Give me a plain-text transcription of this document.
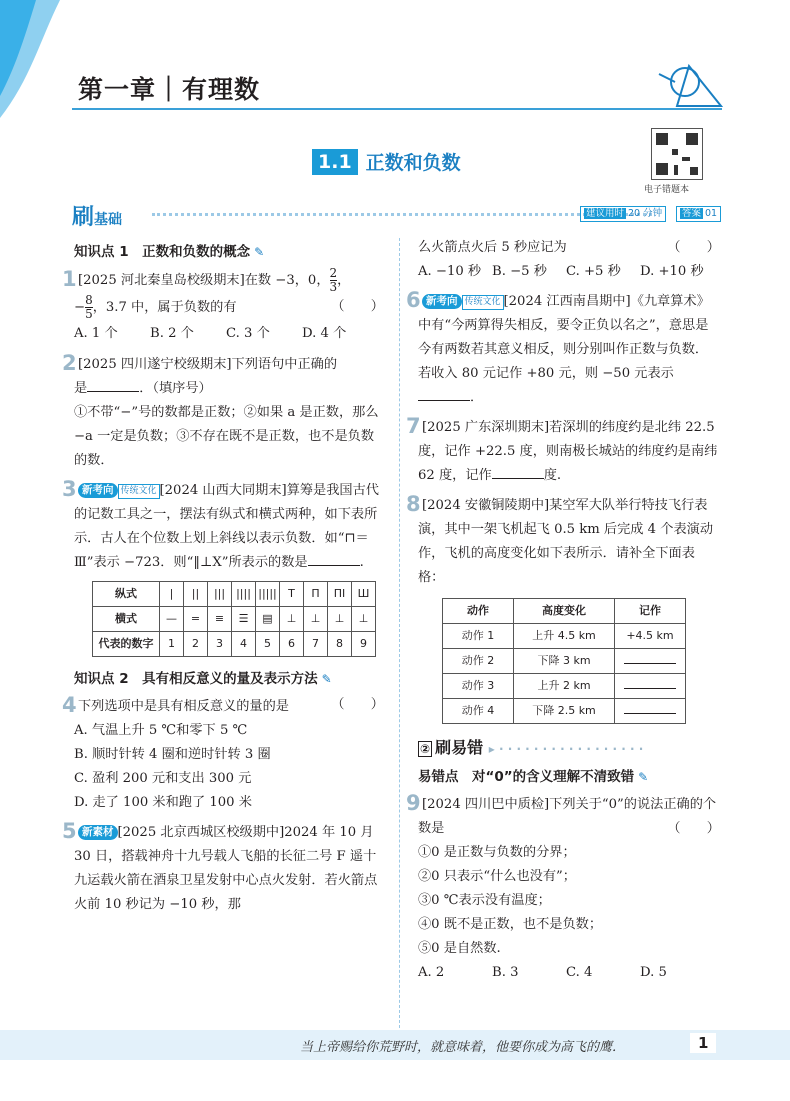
第一章｜有理数
1.1 正数和负数
电子错题本
刷基础	建议用时 20 分钟	答案 01
知识点 1　正数和负数的概念 ✎
1[2025 河北秦皇岛校级期末]在数 −3，0， $\frac{2}{3}$ ，
− $\frac{8}{5}$ ，3.7 中，属于负数的有	（　　）

A. 1 个 B. 2 个 C. 3 个 D. 4 个
2[2025 四川遂宁校级期末]下列语句中正确的
是	．（填序号）
①不带“−”号的数都是正数；②如果 a 是正数，那么 −a 一定是负数；③不存在既不是正数，也不是负数的数．
3 新考向 传统文化 [2024 山西大同期末]算筹是我国古代的记数工具之一，摆法有纵式和横式两种，如下表所示．古人在个位数上划上斜线以表示负数．如“⊓＝Ⅲ”表示 −723．则“‖⊥Ⅹ”所表示的数是	.
纵式	|	||	|||	||||	|||||	T	Π	ПI	Ш
横式	—	=	≡	☰	▤	⊥	⊥	⊥	⊥
代表的数字	1	2	3	4	5	6	7	8	9
知识点 2　具有相反意义的量及表示方法 ✎
4下列选项中是具有相反意义的量的是	（　　）

A. 气温上升 5 ℃和零下 5 ℃
B. 顺时针转 4 圈和逆时针转 3 圈
C. 盈利 200 元和支出 300 元
D. 走了 100 米和跑了 100 米
5 新素材 [2025 北京西城区校级期中]2024 年 10 月 30 日，搭载神舟十九号载人飞船的长征二号 F 遥十九运载火箭在酒泉卫星发射中心点火发射．若火箭点火前 10 秒记为 −10 秒，那
么火箭点火后 5 秒应记为	（　　）

A. −10 秒 B. −5 秒 C. +5 秒 D. +10 秒
6 新考向 传统文化 [2024 江西南昌期中]《九章算术》中有“今两算得失相反，要令正负以名之”，意思是今有两数若其意义相反，则分别叫作正数与负数．若收入 80 元记作 +80 元，则 −50 元表示．
7[2025 广东深圳期末]若深圳的纬度约是北纬 22.5 度，记作 +22.5 度，则南极长城站的纬度约是南纬 62 度，记作	度.
8[2024 安徽铜陵期中]某空军大队举行特技飞行表演，其中一架飞机起飞 0.5 km 后完成 4 个表演动作，飞机的高度变化如下表所示．请补全下面表格：
动作	高度变化	记作
动作 1	上升 4.5 km	+4.5 km
动作 2	下降 3 km	
动作 3	上升 2 km	
动作 4	下降 2.5 km	
② 刷易错 ▸ · · · · · · · · · · · · · · · · ·
易错点　对“0”的含义理解不清致错 ✎
9[2024 四川巴中质检]下列关于“0”的说法正确的个数是	（　　）

①0 是正数与负数的分界；
②0 只表示“什么也没有”；
③0 ℃表示没有温度；
④0 既不是正数，也不是负数；
⑤0 是自然数.
A. 2	B. 3	C. 4	D. 5
当上帝赐给你荒野时，就意味着，他要你成为高飞的鹰．	1
